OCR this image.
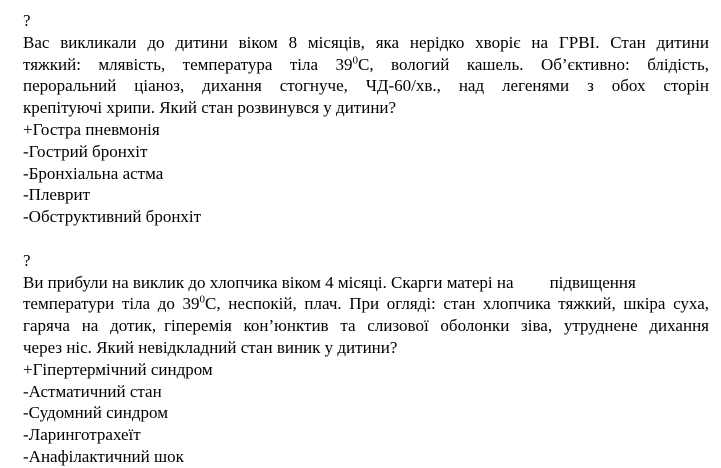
?
Вас викликали до дитини віком 8 місяців, яка нерідко хворіє на ГРВІ. Стан дитини
тяжкий: млявість, температура тіла $39^0С$, вологий кашель. Об’єктивно: блідість,
пероральний ціаноз, дихання стогнуче, ЧД-60/хв., над легенями з обох сторін
крепітуючі хрипи. Який стан розвинувся у дитини?
+Гостра пневмонія
-Гострий бронхіт
-Бронхіальна астма
-Плеврит
-Обструктивний бронхіт
?
Ви прибули на виклик до хлопчика віком 4 місяці. Скарги матері на підвищення
температури тіла до $39^0С$, неспокій, плач. При огляді: стан хлопчика тяжкий, шкіра суха,
гаряча на дотик, гіперемія кон’юнктив та слизової оболонки зіва, утруднене дихання
через ніс. Який невідкладний стан виник у дитини?
+Гіпертермічний синдром
-Астматичний стан
-Судомний синдром
-Ларинготрахеїт
-Анафілактичний шок
